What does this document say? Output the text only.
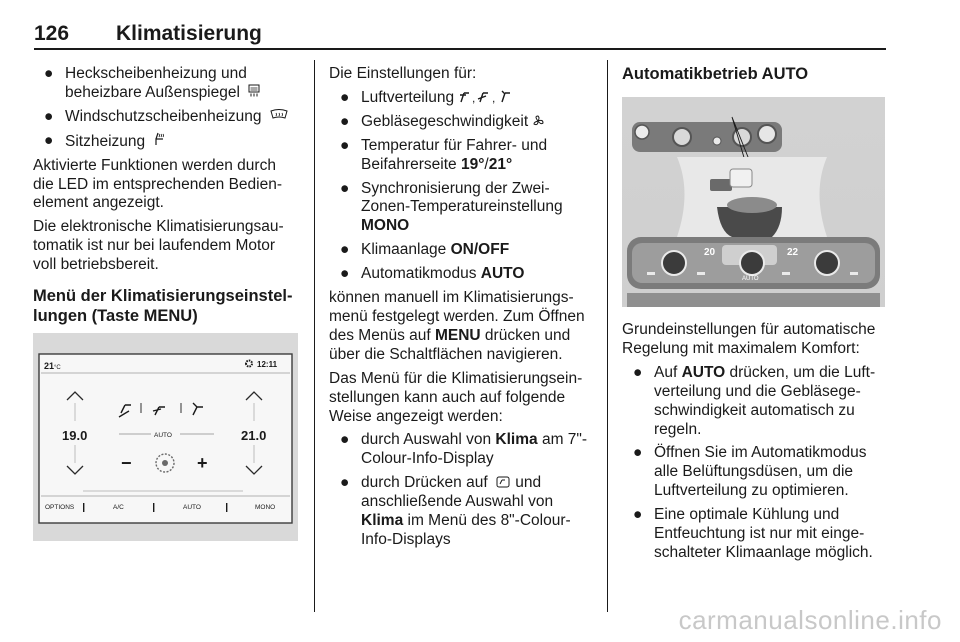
126 Klimatisierung
● Heckscheibenheizung und
beheizbare Außenspiegel
● Windschutzscheibenheizung
● Sitzheizung

Aktivierte Funktionen werden durch
die LED im entsprechenden Bedien-
element angezeigt.

Die elektronische Klimatisierungsau-
tomatik ist nur bei laufendem Motor
voll betriebsbereit.

Menü der Klimatisierungseinstel-
lungen (Taste MENU)
21 °C	12:11
19.0	21.0
AUTO
−	+
OPTIONS	A/C	AUTO	MONO

Die Einstellungen für:

● Luftverteilung , ,
● Gebläsegeschwindigkeit
● Temperatur für Fahrer- und
Beifahrerseite 19°/21°
● Synchronisierung der Zwei-
Zonen-Temperatureinstellung
MONO
● Klimaanlage ON/OFF
● Automatikmodus AUTO

können manuell im Klimatisierungs-
menü festgelegt werden. Zum Öffnen
des Menüs auf MENU drücken und
über die Schaltflächen navigieren.

Das Menü für die Klimatisierungsein-
stellungen kann auch auf folgende
Weise angezeigt werden:

● durch Auswahl von Klima am 7"-
Colour-Info-Display
● durch Drücken auf  und
anschließende Auswahl von
Klima im Menü des 8"-Colour-
Info-Displays
Automatikbetrieb AUTO
20
AUTO
22

Grundeinstellungen für automatische
Regelung mit maximalem Komfort:

● Auf AUTO drücken, um die Luft-
verteilung und die Gebläsege-
schwindigkeit automatisch zu
regeln.
● Öffnen Sie im Automatikmodus
alle Belüftungsdüsen, um die
Luftverteilung zu optimieren.
● Eine optimale Kühlung und
Entfeuchtung ist nur mit einge-
schalteter Klimaanlage möglich.
carmanualsonline.info
